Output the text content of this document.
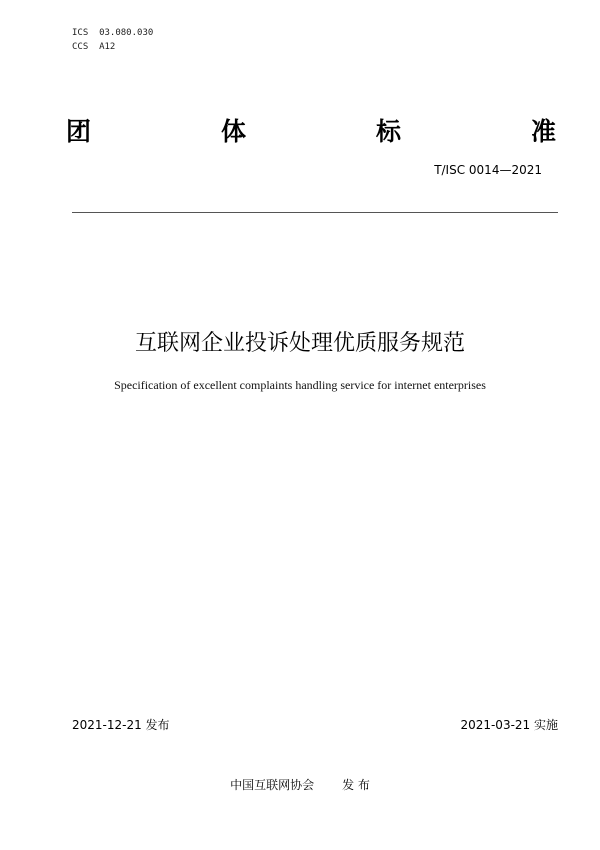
ICS  03.080.030
CCS  A12
团	体	标	准
T/ISC 0014—2021
互联网企业投诉处理优质服务规范
Specification of excellent complaints handling service for internet enterprises
2021-12-21 发布	2021-03-21 实施
中国互联网协会 发 布
